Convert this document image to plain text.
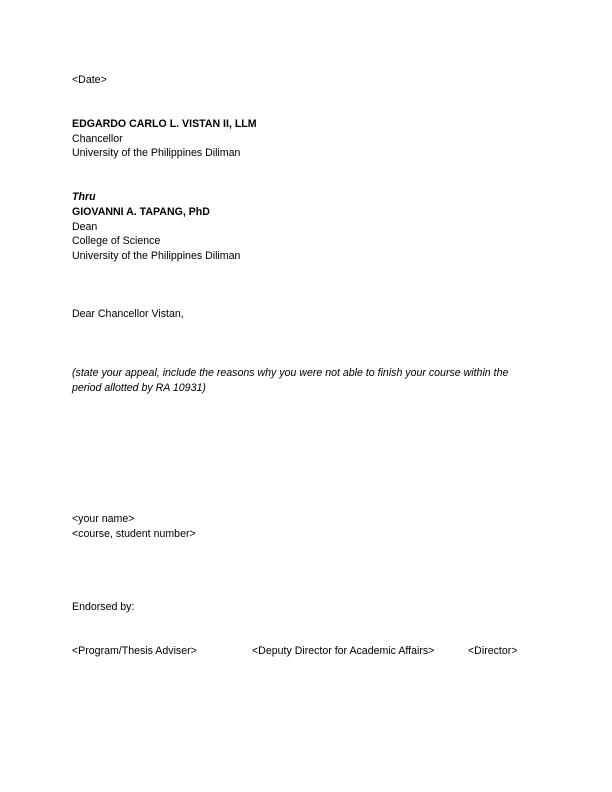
<Date>
EDGARDO CARLO L. VISTAN II, LLM
Chancellor
University of the Philippines Diliman
Thru
GIOVANNI A. TAPANG, PhD
Dean
College of Science
University of the Philippines Diliman
Dear Chancellor Vistan,
(state your appeal, include the reasons why you were not able to finish your course within the
period allotted by RA 10931)
<your name>
<course, student number>
Endorsed by:
<Program/Thesis Adviser>	<Deputy Director for Academic Affairs>	<Director>
